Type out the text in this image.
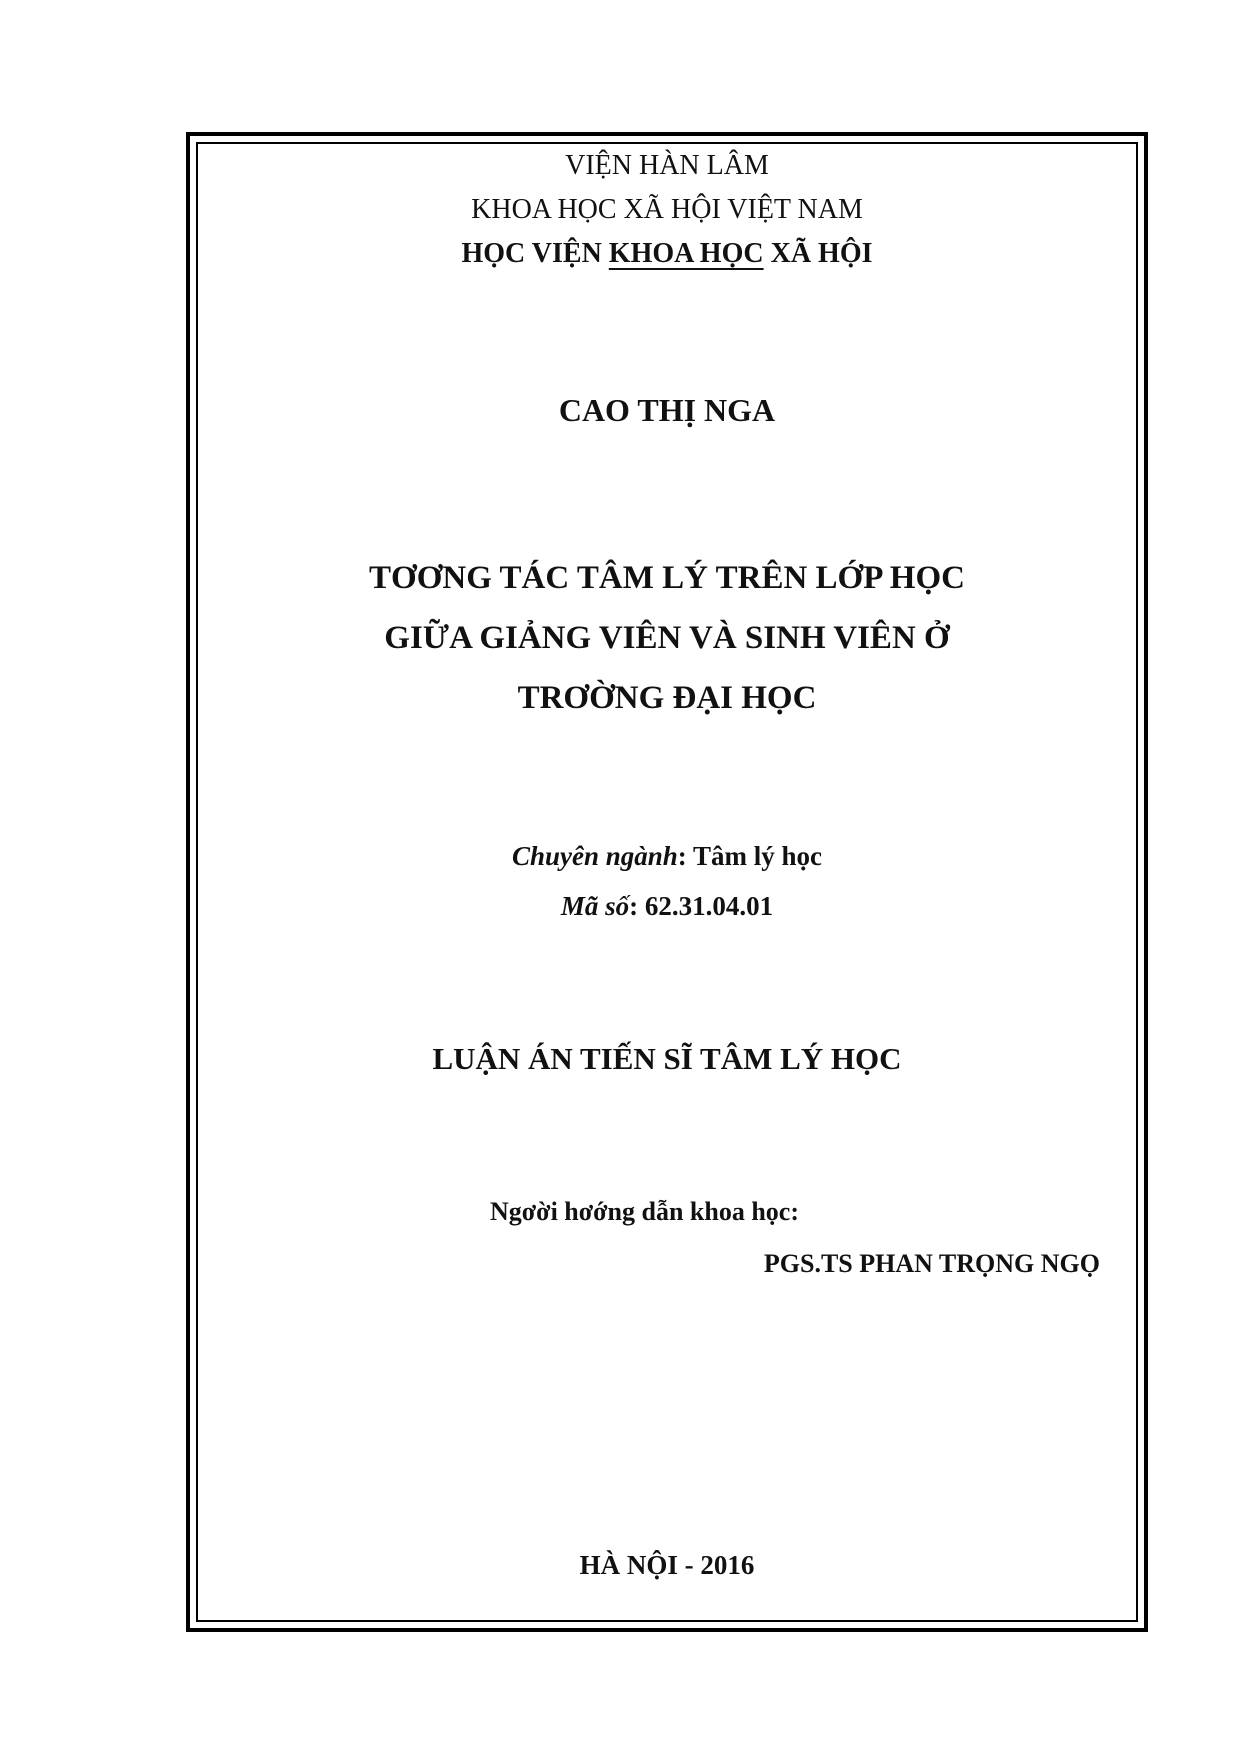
VIỆN HÀN LÂM
KHOA HỌC XÃ HỘI VIỆT NAM
HỌC VIỆN KHOA HỌC XÃ HỘI
CAO THỊ NGA
TƠƠNG TÁC TÂM LÝ TRÊN LỚP HỌC
GIỮA GIẢNG VIÊN VÀ SINH VIÊN Ở
TRƠỜNG ĐẠI HỌC
Chuyên ngành: Tâm lý học
Mã số: 62.31.04.01
LUẬN ÁN TIẾN SĨ TÂM LÝ HỌC
Ngơời hơớng dẫn khoa học:
PGS.TS PHAN TRỌNG NGỌ
HÀ NỘI - 2016
